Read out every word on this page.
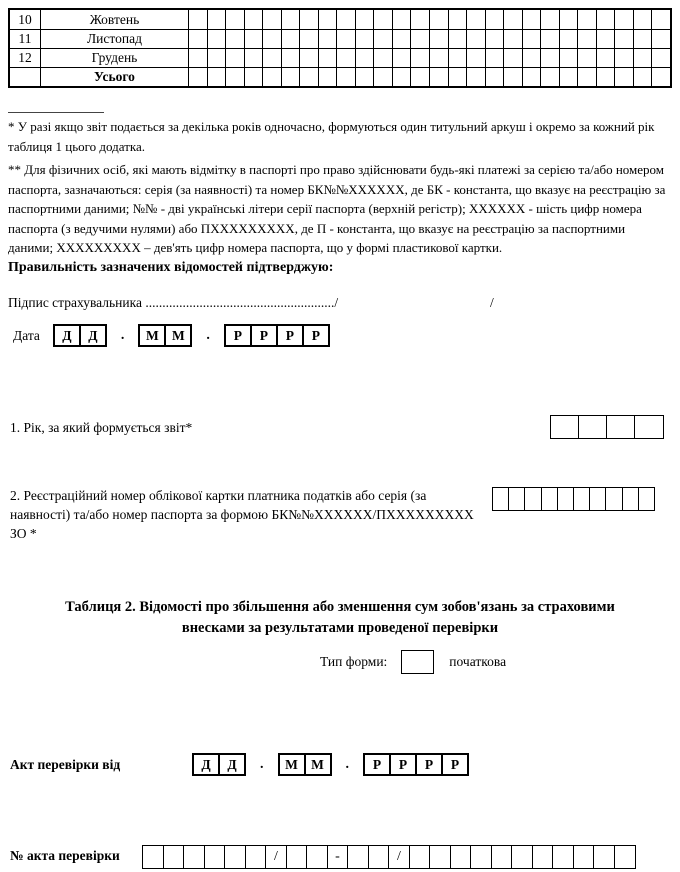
10	Жовтень
11	Листопад
12	Грудень
Усього

* У разі якщо звіт подається за декілька років одночасно, формуються один титульний аркуш і окремо за кожний рік таблиця 1 цього додатка.

** Для фізичних осіб, які мають відмітку в паспорті про право здійснювати будь-які платежі за серією та/або номером паспорта, зазначаються: серія (за наявності) та номер БК№№ХХХХХХ, де БК - константа, що вказує на реєстрацію за паспортними даними; №№ - дві українські літери серії паспорта (верхній регістр); ХХХХХХ - шість цифр номера паспорта (з ведучими нулями) або ПХХХХХХХХХ, де П - константа, що вказує на реєстрацію за паспортними даними; ХХХХХХХХХ – дев'ять цифр номера паспорта, що у формі пластикової картки.

Правильність зазначених відомостей підтверджую:
Підпис страхувальника ......................................................../	/
Дата	Д	Д	.	М М	.	Р	Р	Р	Р
1. Рік, за який формується звіт*
2. Реєстраційний номер облікової картки платника податків або серія (за наявності) та/або номер паспорта за формою БК№№ХХХХХХ/ПХХХХХХХХХ ЗО *
Таблиця 2. Відомості про збільшення або зменшення сум зобов'язань за страховими внесками за результатами проведеної перевірки
Тип форми:	початкова
Акт перевірки від	Д	Д	.	М М	.	Р	Р	Р	Р
№ акта перевірки	/	-	/
